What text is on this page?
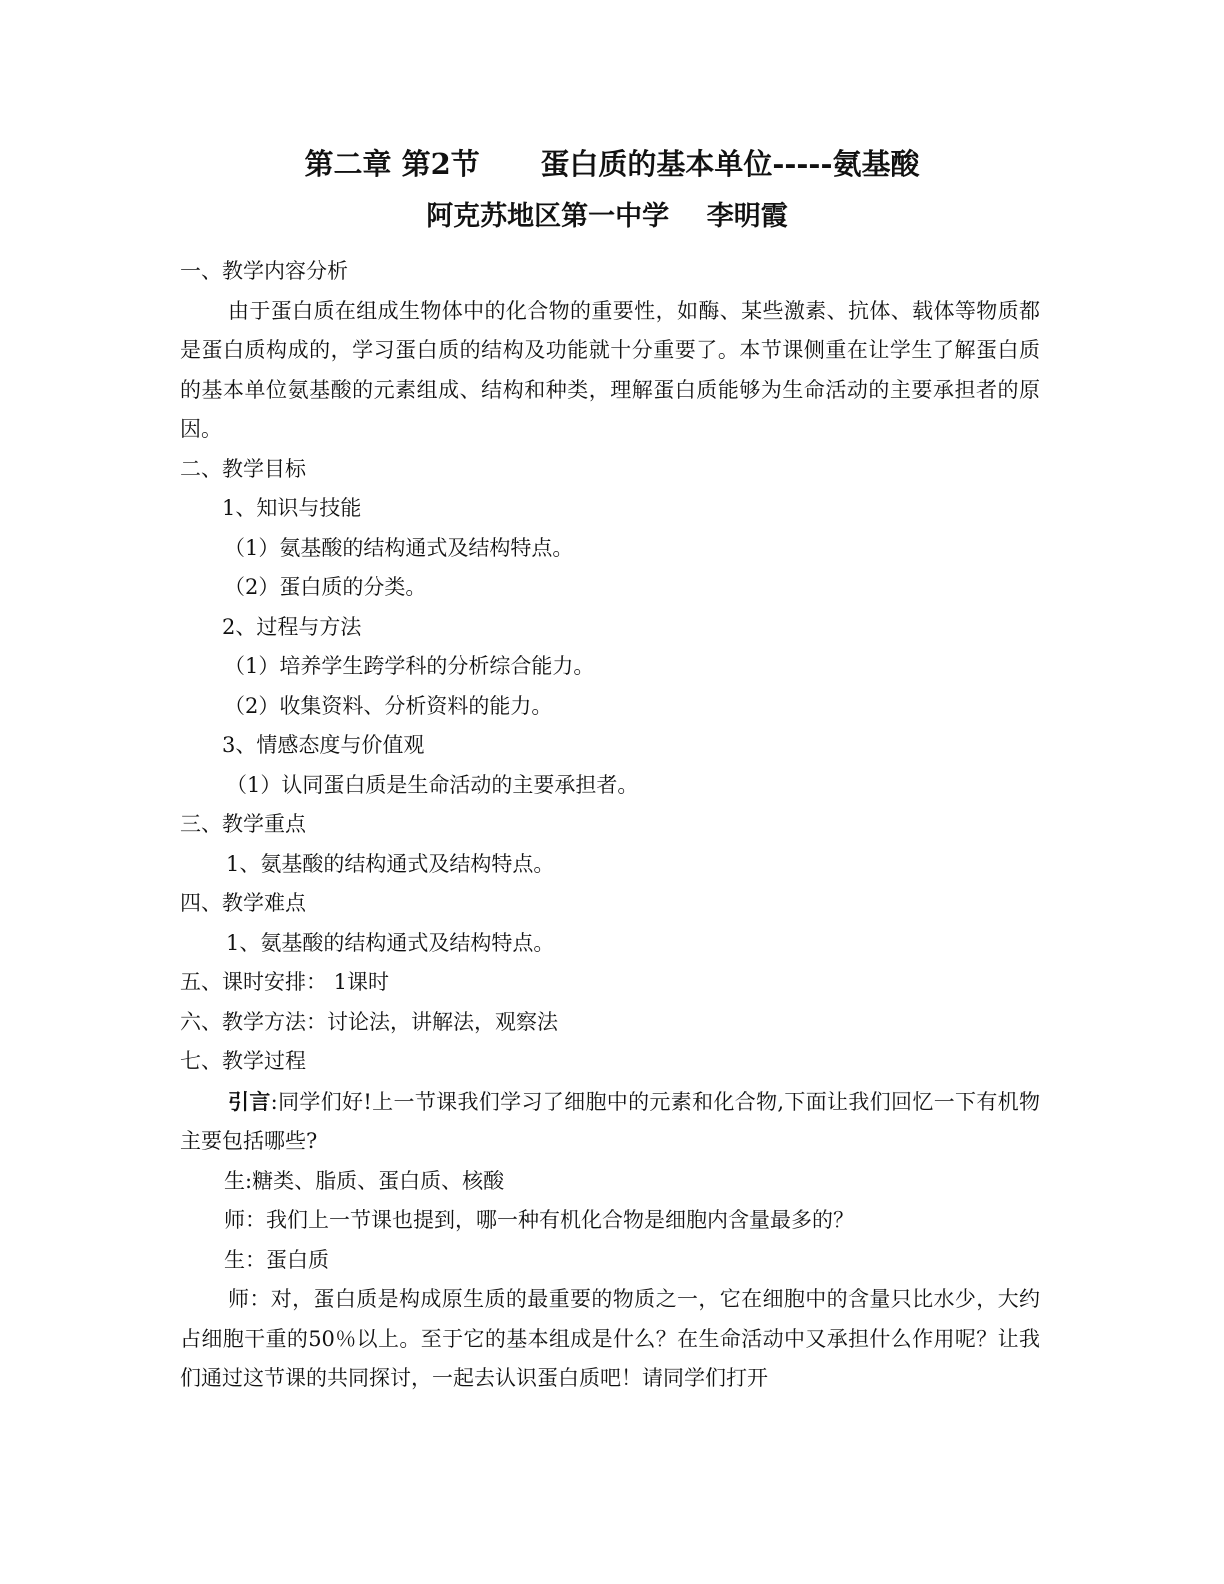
第二章 第2节      蛋白质的基本单位-----氨基酸
阿克苏地区第一中学    李明霞

一、教学内容分析

由于蛋白质在组成生物体中的化合物的重要性，如酶、某些激素、抗体、载体等物质都是蛋白质构成的，学习蛋白质的结构及功能就十分重要了。本节课侧重在让学生了解蛋白质的基本单位氨基酸的元素组成、结构和种类，理解蛋白质能够为生命活动的主要承担者的原因。

二、教学目标

1、知识与技能

（1）氨基酸的结构通式及结构特点。

（2）蛋白质的分类。

2、过程与方法

（1）培养学生跨学科的分析综合能力。

（2）收集资料、分析资料的能力。

3、情感态度与价值观

（1）认同蛋白质是生命活动的主要承担者。

三、教学重点

1、氨基酸的结构通式及结构特点。

四、教学难点

1、氨基酸的结构通式及结构特点。

五、课时安排： 1课时

六、教学方法：讨论法，讲解法，观察法

七、教学过程

引言:同学们好!上一节课我们学习了细胞中的元素和化合物,下面让我们回忆一下有机物主要包括哪些?

生:糖类、脂质、蛋白质、核酸

师：我们上一节课也提到，哪一种有机化合物是细胞内含量最多的？

生：蛋白质

师：对，蛋白质是构成原生质的最重要的物质之一，它在细胞中的含量只比水少，大约占细胞干重的50％以上。至于它的基本组成是什么？在生命活动中又承担什么作用呢？让我们通过这节课的共同探讨，一起去认识蛋白质吧！请同学们打开
